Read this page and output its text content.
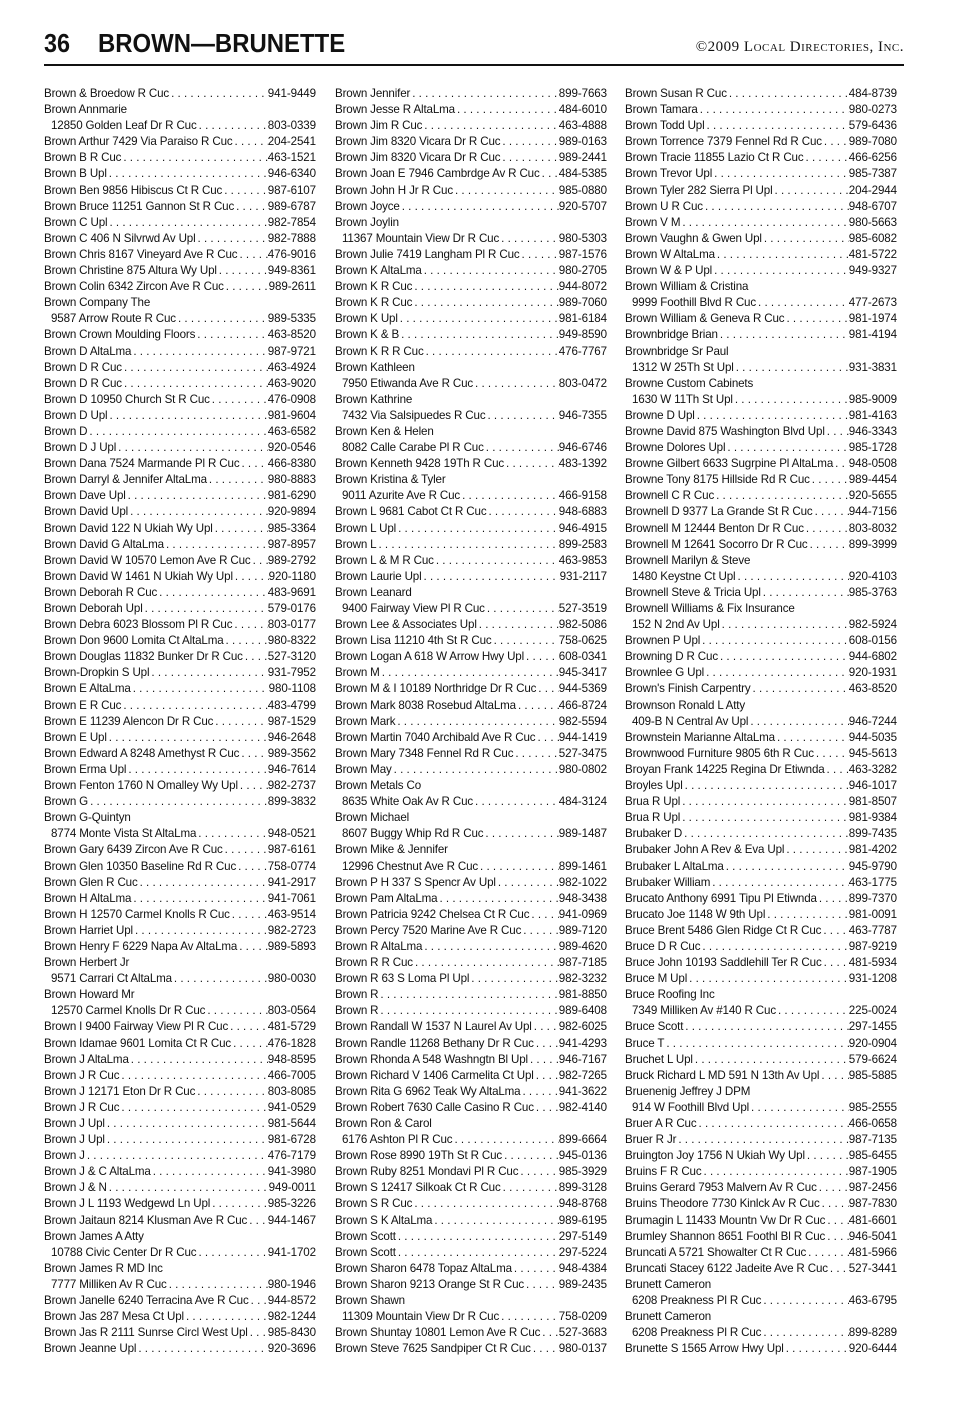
36 BROWN—BRUNETTE	©2009 Local Directories, Inc.
Brown & Broedow R Cuc . . .	941-9449
Brown Annmarie
12850 Golden Leaf Dr R Cuc . . .	803-0339
Brown Arthur 7429 Via Paraiso R Cuc . . .	204-2541
Brown B R Cuc . . .	463-1521
Brown B Upl . . .	946-6340
Brown Ben 9856 Hibiscus Ct R Cuc . . .	987-6107
Brown Bruce 11251 Gannon St R Cuc . . .	989-6787
Brown C Upl . . .	982-7854
Brown C 406 N Silvrwd Av Upl . . .	982-7888
Brown Chris 8167 Vineyard Ave R Cuc . . .	476-9016
Brown Christine 875 Altura Wy Upl . . .	949-8361
Brown Colin 6342 Zircon Ave R Cuc . . .	989-2611
Brown Company The
9587 Arrow Route R Cuc . . .	989-5335
Brown Crown Moulding Floors . . .	463-8520
Brown D AltaLma . . .	987-9721
Brown D R Cuc . . .	463-4924
Brown D R Cuc . . .	463-9020
Brown D 10950 Church St R Cuc . . .	476-0908
Brown D Upl . . .	981-9604
Brown D . . .	463-6582
Brown D J Upl . . .	920-0546
Brown Dana 7524 Marmande Pl R Cuc . . . 466-8380
Brown Darryl & Jennifer AltaLma . . .	980-8883
Brown Dave Upl . . .	981-6290
Brown David Upl . . .	920-9894
Brown David 122 N Ukiah Wy Upl . . .	985-3364
Brown David G AltaLma . . .	987-8957
Brown David W 10570 Lemon Ave R Cuc . . . 989-2792
Brown David W 1461 N Ukiah Wy Upl . . .	920-1180
Brown Deborah R Cuc . . .	483-9691
Brown Deborah Upl . . .	579-0176
Brown Debra 6023 Blossom Pl R Cuc . . .	803-0177
Brown Don 9600 Lomita Ct AltaLma . . .	980-8322
Brown Douglas 11832 Bunker Dr R Cuc . . . 527-3120
Brown-Dropkin S Upl . . .	931-7952
Brown E AltaLma . . .	980-1108
Brown E R Cuc . . .	483-4799
Brown E 11239 Alencon Dr R Cuc . . .	987-1529
Brown E Upl . . .	946-2648
Brown Edward A 8248 Amethyst R Cuc . . . 989-3562
Brown Erma Upl . . .	946-7614
Brown Fenton 1760 N Omalley Wy Upl . . .	982-2737
Brown G . . .	899-3832
Brown G-Quintyn
8774 Monte Vista St AltaLma . . .	948-0521
Brown Gary 6439 Zircon Ave R Cuc . . .	987-6161
Brown Glen 10350 Baseline Rd R Cuc . . .	758-0774
Brown Glen R Cuc . . .	941-2917
Brown H AltaLma . . .	941-7061
Brown H 12570 Carmel Knolls R Cuc . . .	463-9514
Brown Harriet Upl . . .	982-2723
Brown Henry F 6229 Napa Av AltaLma . . .	989-5893
Brown Herbert Jr
9571 Carrari Ct AltaLma . . .	980-0030
Brown Howard Mr
12570 Carmel Knolls Dr R Cuc . . .	803-0564
Brown I 9400 Fairway View Pl R Cuc . . .	481-5729
Brown Idamae 9601 Lomita Ct R Cuc . . .	476-1828
Brown J AltaLma . . .	948-8595
Brown J R Cuc . . .	466-7005
Brown J 12171 Eton Dr R Cuc . . .	803-8085
Brown J R Cuc . . .	941-0529
Brown J Upl . . .	981-5644
Brown J Upl . . .	981-6728
Brown J . . .	476-7179
Brown J & C AltaLma . . .	941-3980
Brown J & N . . .	949-0011
Brown J L 1193 Wedgewd Ln Upl . . .	985-3226
Brown Jaitaun 8214 Klusman Ave R Cuc . . . 944-1467
Brown James A Atty
10788 Civic Center Dr R Cuc . . .	941-1702
Brown James R MD Inc
7777 Milliken Av R Cuc . . .	980-1946
Brown Janelle 6240 Terracina Ave R Cuc . . . 944-8572
Brown Jas 287 Mesa Ct Upl . . .	982-1244
Brown Jas R 2111 Sunrse Circl West Upl . . . 985-8430
Brown Jeanne Upl . . .	920-3696
Brown Jennifer . . .	899-7663
Brown Jesse R AltaLma . . .	484-6010
Brown Jim R Cuc . . .	463-4888
Brown Jim 8320 Vicara Dr R Cuc . . .	989-0163
Brown Jim 8320 Vicara Dr R Cuc . . .	989-2441
Brown Joan E 7946 Cambrdge Av R Cuc . . . 484-5385
Brown John H Jr R Cuc . . .	985-0880
Brown Joyce . . .	920-5707
Brown Joylin
11367 Mountain View Dr R Cuc . . .	980-5303
Brown Julie 7419 Langham Pl R Cuc . . .	987-1576
Brown K AltaLma . . .	980-2705
Brown K R Cuc . . .	944-8072
Brown K R Cuc . . .	989-7060
Brown K Upl . . .	981-6184
Brown K & B . . .	949-8590
Brown K R R Cuc . . .	476-7767
Brown Kathleen
7950 Etiwanda Ave R Cuc . . .	803-0472
Brown Kathrine
7432 Via Salsipuedes R Cuc . . .	946-7355
Brown Ken & Helen
8082 Calle Carabe Pl R Cuc . . .	946-6746
Brown Kenneth 9428 19Th R Cuc . . .	483-1392
Brown Kristina & Tyler
9011 Azurite Ave R Cuc . . .	466-9158
Brown L 9681 Cabot Ct R Cuc . . .	948-6883
Brown L Upl . . .	946-4915
Brown L . . .	899-2583
Brown L & M R Cuc . . .	463-9853
Brown Laurie Upl . . .	931-2117
Brown Leanard
9400 Fairway View Pl R Cuc . . .	527-3519
Brown Lee & Associates Upl . . .	982-5086
Brown Lisa 11210 4th St R Cuc . . .	758-0625
Brown Logan A 618 W Arrow Hwy Upl . . .	608-0341
Brown M . . .	945-3417
Brown M & I 10189 Northridge Dr R Cuc . . . 944-5369
Brown Mark 8038 Rosebud AltaLma . . .	466-8724
Brown Mark . . .	982-5594
Brown Martin 7040 Archibald Ave R Cuc . . . 944-1419
Brown Mary 7348 Fennel Rd R Cuc . . .	527-3475
Brown May . . .	980-0802
Brown Metals Co
8635 White Oak Av R Cuc . . .	484-3124
Brown Michael
8607 Buggy Whip Rd R Cuc . . .	989-1487
Brown Mike & Jennifer
12996 Chestnut Ave R Cuc . . .	899-1461
Brown P H 337 S Spencr Av Upl . . .	982-1022
Brown Pam AltaLma . . .	948-3438
Brown Patricia 9242 Chelsea Ct R Cuc . . .	941-0969
Brown Percy 7520 Marine Ave R Cuc . . .	989-7120
Brown R AltaLma . . .	989-4620
Brown R R Cuc . . .	987-7185
Brown R 63 S Loma Pl Upl . . .	982-3232
Brown R . . .	981-8850
Brown R . . .	989-6408
Brown Randall W 1537 N Laurel Av Upl . . . 982-6025
Brown Randle 11268 Bethany Dr R Cuc . . . 941-4293
Brown Rhonda A 548 Washngtn Bl Upl . . .	946-7167
Brown Richard V 1406 Carmelita Ct Upl . . . 982-7265
Brown Rita G 6962 Teak Wy AltaLma . . .	941-3622
Brown Robert 7630 Calle Casino R Cuc . . . 982-4140
Brown Ron & Carol
6176 Ashton Pl R Cuc . . .	899-6664
Brown Rose 8990 19Th St R Cuc . . .	945-0136
Brown Ruby 8251 Mondavi Pl R Cuc . . .	985-3929
Brown S 12417 Silkoak Ct R Cuc . . .	899-3128
Brown S R Cuc . . .	948-8768
Brown S K AltaLma . . .	989-6195
Brown Scott . . .	297-5149
Brown Scott . . .	297-5224
Brown Sharon 6478 Topaz AltaLma . . .	948-4384
Brown Sharon 9213 Orange St R Cuc . . .	989-2435
Brown Shawn
11309 Mountain View Dr R Cuc . . .	758-0209
Brown Shuntay 10801 Lemon Ave R Cuc . . . 527-3683
Brown Steve 7625 Sandpiper Ct R Cuc . . . 980-0137
Brown Susan R Cuc . . .	484-8739
Brown Tamara . . .	980-0273
Brown Todd Upl . . .	579-6436
Brown Torrence 7379 Fennel Rd R Cuc . . . 989-7080
Brown Tracie 11855 Lazio Ct R Cuc . . .	466-6256
Brown Trevor Upl . . .	985-7387
Brown Tyler 282 Sierra Pl Upl . . .	204-2944
Brown U R Cuc . . .	948-6707
Brown V M . . .	980-5663
Brown Vaughn & Gwen Upl . . .	985-6082
Brown W AltaLma . . .	481-5722
Brown W & P Upl . . .	949-9327
Brown William & Cristina
9999 Foothill Blvd R Cuc . . .	477-2673
Brown William & Geneva R Cuc . . .	981-1974
Brownbridge Brian . . .	981-4194
Brownbridge Sr Paul
1312 W 25Th St Upl . . .	931-3831
Browne Custom Cabinets
1630 W 11Th St Upl . . .	985-9009
Browne D Upl . . .	981-4163
Browne David 875 Washington Blvd Upl . . . 946-3343
Browne Dolores Upl . . .	985-1728
Browne Gilbert 6633 Sugrpine Pl AltaLma . . . 948-0508
Browne Tony 8175 Hillside Rd R Cuc . . .	989-4454
Brownell C R Cuc . . .	920-5655
Brownell D 9377 La Grande St R Cuc . . .	944-7156
Brownell M 12444 Benton Dr R Cuc . . .	803-8032
Brownell M 12641 Socorro Dr R Cuc . . .	899-3999
Brownell Marilyn & Steve
1480 Keystne Ct Upl . . .	920-4103
Brownell Steve & Tricia Upl . . .	985-3763
Brownell Williams & Fix Insurance
152 N 2nd Av Upl . . .	982-5924
Brownen P Upl . . .	608-0156
Browning D R Cuc . . .	944-6802
Brownlee G Upl . . .	920-1931
Brown's Finish Carpentry . . .	463-8520
Brownson Ronald L Atty
409-B N Central Av Upl . . .	946-7244
Brownstein Marianne AltaLma . . .	944-5035
Brownwood Furniture 9805 6th R Cuc . . .	945-5613
Broyan Frank 14225 Regina Dr Etiwnda . . . 463-3282
Broyles Upl . . .	946-1017
Brua R Upl . . .	981-8507
Brua R Upl . . .	981-9384
Brubaker D . . .	899-7435
Brubaker John A Rev & Eva Upl . . .	981-4202
Brubaker L AltaLma . . .	945-9790
Brubaker William . . .	463-1775
Brucato Anthony 6991 Tipu Pl Etiwnda . . .	899-7370
Brucato Joe 1148 W 9th Upl . . .	981-0091
Bruce Brent 5486 Glen Ridge Ct R Cuc . . . 463-7787
Bruce D R Cuc . . .	987-9219
Bruce John 10193 Saddlehill Ter R Cuc . . . 481-5934
Bruce M Upl . . .	931-1208
Bruce Roofing Inc
7349 Milliken Av #140 R Cuc . . .	225-0024
Bruce Scott . . .	297-1455
Bruce T . . .	920-0904
Bruchet L Upl . . .	579-6624
Bruck Richard L MD 591 N 13th Av Upl . . .	985-5885
Bruenenig Jeffrey J DPM
914 W Foothill Blvd Upl . . .	985-2555
Bruer A R Cuc . . .	466-0658
Bruer R Jr . . .	987-7135
Bruington Joy 1756 N Ukiah Wy Upl . . .	985-6455
Bruins F R Cuc . . .	987-1905
Bruins Gerard 7953 Malvern Av R Cuc . . .	987-2456
Bruins Theodore 7730 Kinlck Av R Cuc . . .	987-7830
Brumagin L 11433 Mountn Vw Dr R Cuc . . . 481-6601
Brumley Shannon 8651 Foothl Bl R Cuc . . . 946-5041
Bruncati A 5721 Showalter Ct R Cuc . . .	481-5966
Bruncati Stacey 6122 Jadeite Ave R Cuc . . . 527-3441
Brunett Cameron
6208 Preakness Pl R Cuc . . .	463-6795
Brunett Cameron
6208 Preakness Pl R Cuc . . .	899-8289
Brunette S 1565 Arrow Hwy Upl . . .	920-6444
